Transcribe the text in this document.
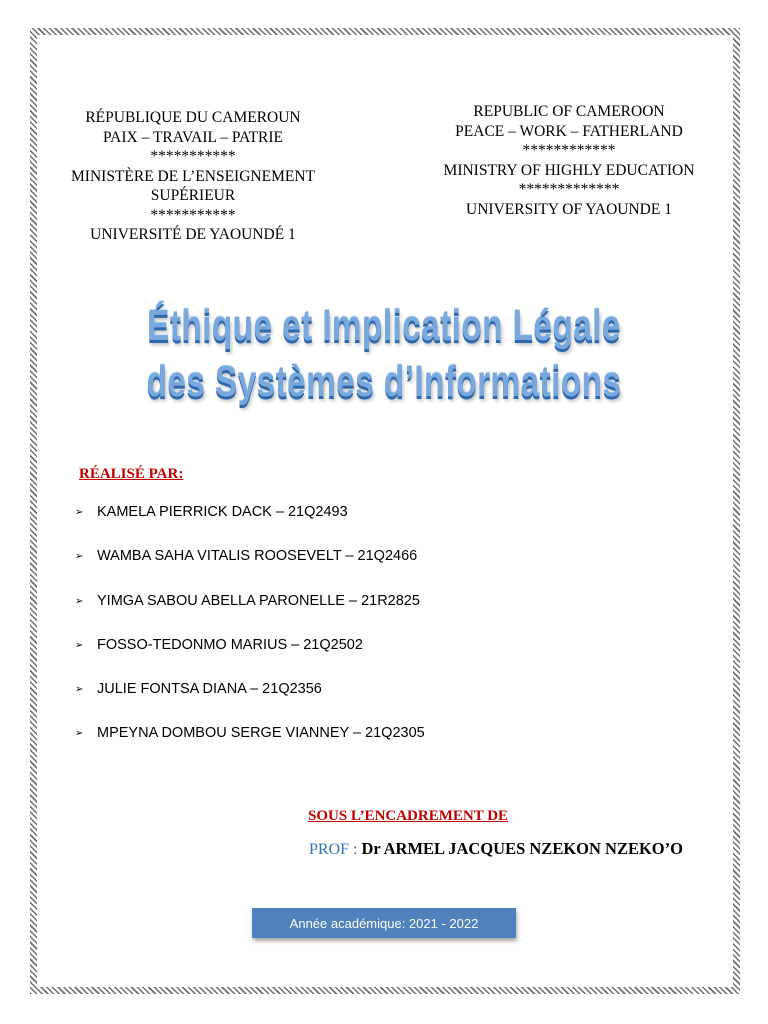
RÉPUBLIQUE DU CAMEROUN
PAIX – TRAVAIL – PATRIE
***********
MINISTÈRE DE L’ENSEIGNEMENT
SUPÉRIEUR
***********
UNIVERSITÉ DE YAOUNDÉ 1
REPUBLIC OF CAMEROON
PEACE – WORK – FATHERLAND
************
MINISTRY OF HIGHLY EDUCATION
*************
UNIVERSITY OF YAOUNDE 1
Éthique et Implication Légale
des Systèmes d’Informations
RÉALISÉ PAR:
➢ KAMELA PIERRICK DACK – 21Q2493
➢ WAMBA SAHA VITALIS ROOSEVELT – 21Q2466
➢ YIMGA SABOU ABELLA PARONELLE – 21R2825
➢ FOSSO-TEDONMO MARIUS – 21Q2502
➢ JULIE FONTSA DIANA – 21Q2356
➢ MPEYNA DOMBOU SERGE VIANNEY – 21Q2305
SOUS L’ENCADREMENT DE
PROF : Dr ARMEL JACQUES NZEKON NZEKO’O
Année académique: 2021 - 2022
